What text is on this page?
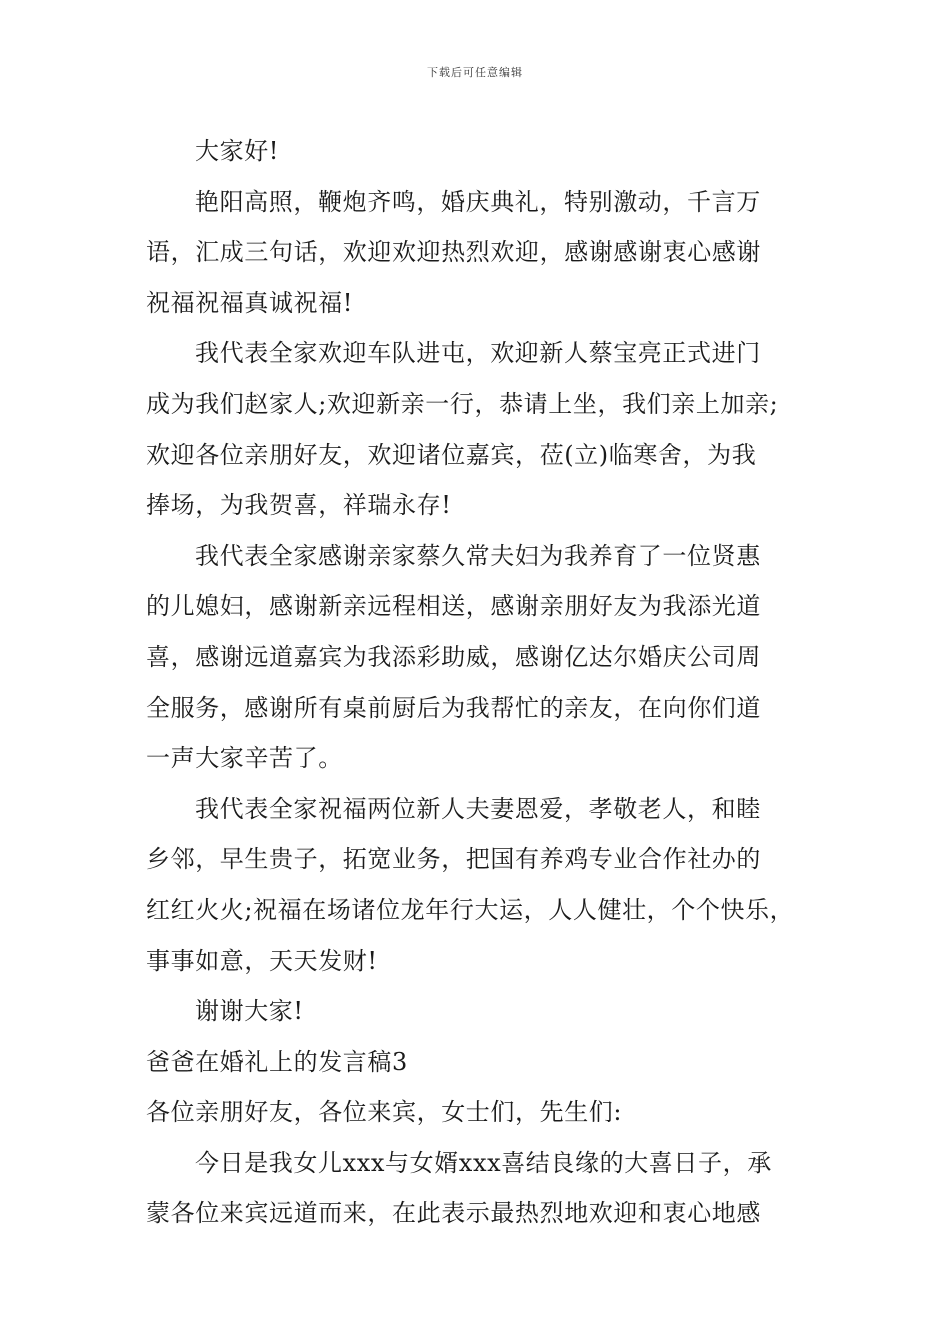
下载后可任意编辑
大家好!
艳阳高照，鞭炮齐鸣，婚庆典礼，特别激动，千言万
语，汇成三句话，欢迎欢迎热烈欢迎，感谢感谢衷心感谢
祝福祝福真诚祝福!
我代表全家欢迎车队进屯，欢迎新人蔡宝亮正式进门
成为我们赵家人;欢迎新亲一行，恭请上坐，我们亲上加亲;
欢迎各位亲朋好友，欢迎诸位嘉宾，莅(立)临寒舍，为我
捧场，为我贺喜，祥瑞永存!
我代表全家感谢亲家蔡久常夫妇为我养育了一位贤惠
的儿媳妇，感谢新亲远程相送，感谢亲朋好友为我添光道
喜，感谢远道嘉宾为我添彩助威，感谢亿达尔婚庆公司周
全服务，感谢所有桌前厨后为我帮忙的亲友，在向你们道
一声大家辛苦了。
我代表全家祝福两位新人夫妻恩爱，孝敬老人，和睦
乡邻，早生贵子，拓宽业务，把国有养鸡专业合作社办的
红红火火;祝福在场诸位龙年行大运，人人健壮，个个快乐，
事事如意，天天发财!
谢谢大家!
爸爸在婚礼上的发言稿3
各位亲朋好友，各位来宾，女士们，先生们:
今日是我女儿xxx与女婿xxx喜结良缘的大喜日子，承
蒙各位来宾远道而来，在此表示最热烈地欢迎和衷心地感
